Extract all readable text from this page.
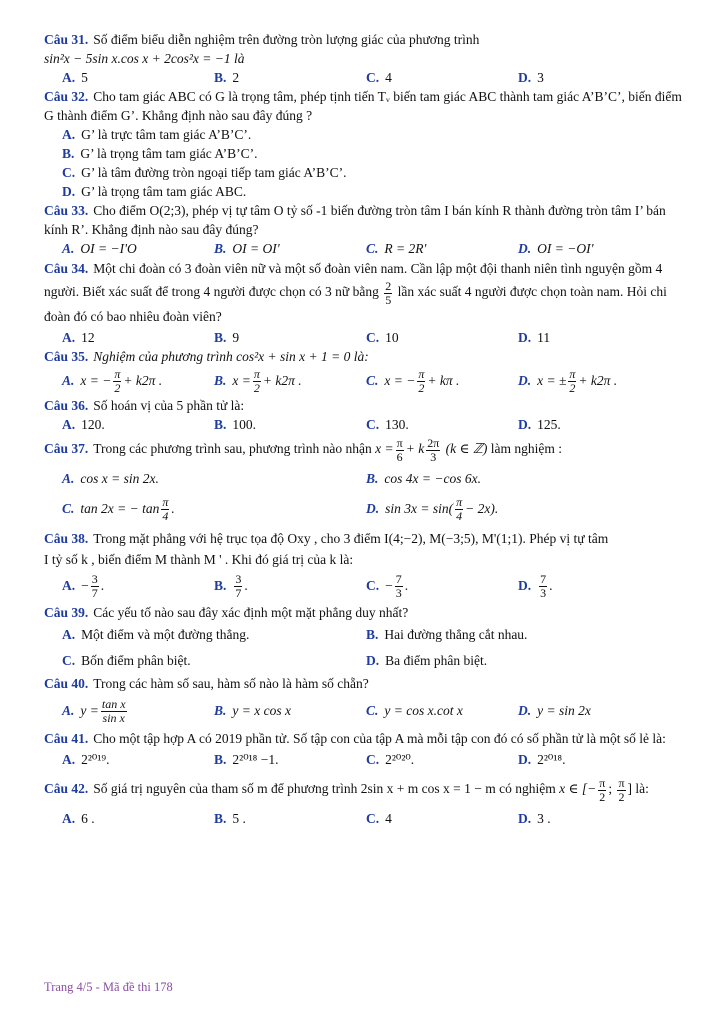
Câu 31. Số điểm biểu diễn nghiệm trên đường tròn lượng giác của phương trình

sin²x − 5sin x.cos x + 2cos²x = −1 là

A. 5	B. 2	C. 4	D. 3

Câu 32. Cho tam giác ABC có G là trọng tâm, phép tịnh tiến Tᵥ biến tam giác ABC thành tam giác A’B’C’, biến điểm G thành điểm G’. Khẳng định nào sau đây đúng ?

A. G’ là trực tâm tam giác A’B’C’.
B. G’ là trọng tâm tam giác A’B’C’.
C. G’ là tâm đường tròn ngoại tiếp tam giác A’B’C’.
D. G’ là trọng tâm tam giác ABC.

Câu 33. Cho điểm O(2;3), phép vị tự tâm O tỷ số -1 biến đường tròn tâm I bán kính R thành đường tròn tâm I’ bán kính R’. Khẳng định nào sau đây đúng?

A. OI = −I'O	B. OI = OI'	C. R = 2R'	D. OI = −OI'

Câu 34. Một chi đoàn có 3 đoàn viên nữ và một số đoàn viên nam. Cần lập một đội thanh niên tình nguyện gồm 4 người. Biết xác suất để trong 4 người được chọn có 3 nữ bằng $\frac{2}{5}$ lần xác suất 4 người được chọn toàn nam. Hỏi chi đoàn đó có bao nhiêu đoàn viên?

A. 12	B. 9	C. 10	D. 11

Câu 35. Nghiệm của phương trình cos²x + sin x + 1 = 0 là:

A. x = − $\frac{\pi}{2} + k2\pi$ .	B. $x = \frac{\pi}{2} + k2\pi$ .	C. x = − $\frac{\pi}{2} + k\pi$ .	D. x = ± $\frac{\pi}{2} + k2\pi$ .

Câu 36. Số hoán vị của 5 phần tử là:

A. 120.	B. 100.	C. 130.	D. 125.

Câu 37. Trong các phương trình sau, phương trình nào nhận $x = \frac{\pi}{6} + k \frac{2\pi}{3} (k$ ∈ ℤ) làm nghiệm :

A. cos x = sin 2x.	B. cos 4x = −cos 6x.
C. tan 2x = − $\tan \frac{\pi}{4}$ .	D. $\sin 3x = \sin( \frac{\pi}{4} - 2x)$.

Câu 38. Trong mặt phẳng với hệ trục tọa độ Oxy , cho 3 điểm I(4;−2), M(−3;5), M'(1;1). Phép vị tự tâm

I tỷ số k , biến điểm M thành M ' . Khi đó giá trị của k là:

A. − $\frac{3}{7}$ .	B. $\frac{3}{7}$ .	C. − $\frac{7}{3}$ .	D. $\frac{7}{3}$ .

Câu 39. Các yếu tố nào sau đây xác định một mặt phẳng duy nhất?

A. Một điểm và một đường thẳng.	B. Hai đường thẳng cắt nhau.
C. Bốn điểm phân biệt.	D. Ba điểm phân biệt.

Câu 40. Trong các hàm số sau, hàm số nào là hàm số chẵn?

A. $y = \frac{\text{tan x}}{\text{sin x}}$	B. y = x cos x	C. y = cos x.cot x	D. y = sin 2x

Câu 41. Cho một tập hợp A có 2019 phần tử. Số tập con của tập A mà mỗi tập con đó có số phần tử là một số lẻ là:

A. 2²⁰¹⁹.	B. 2²⁰¹⁸ −1.	C. 2²⁰²⁰.	D. 2²⁰¹⁸.

Câu 42. Số giá trị nguyên của tham số m để phương trình 2sin x + m cos x = 1 − m có nghiệm x ∈ [− $\frac{\pi}{2}$ ; $\frac{\pi}{2}$ ] là:

A. 6 .	B. 5 .	C. 4	D. 3 .
Trang 4/5 - Mã đề thi 178
